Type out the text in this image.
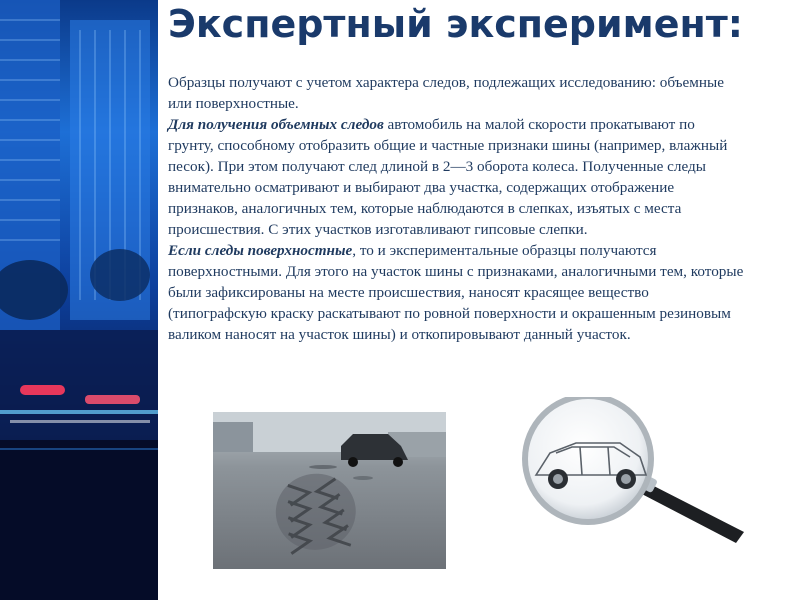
Экспертный эксперимент:

Образцы получают с учетом характера следов, подлежащих исследованию: объемные или поверхностные.

Для получения объемных следов автомобиль на малой скорости прокатывают по грунту, способному отобразить общие и частные признаки шины (например, влажный песок). При этом получают след длиной в 2—3 оборота колеса. Полученные следы внимательно осматривают и выбирают два участка, содержащих отображение признаков, аналогичных тем, которые наблюдаются в слепках, изъятых с места происшествия. С этих участков изготавливают гипсовые слепки.

Если следы поверхностные, то и экспериментальные образцы получаются поверхностными. Для этого на участок шины с признаками, аналогичными тем, которые были зафиксированы на месте происшествия, наносят красящее вещество (типографскую краску раскатывают по ровной поверхности и окрашенным резиновым валиком наносят на участок шины) и откопировывают данный участок.
